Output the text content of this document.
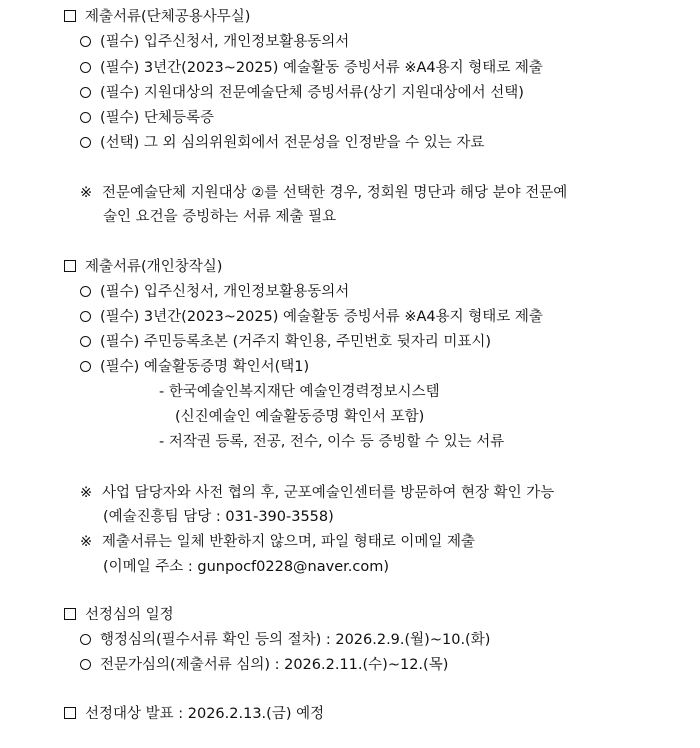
제출서류(단체공용사무실)
(필수) 입주신청서, 개인정보활용동의서
(필수) 3년간(2023~2025) 예술활동 증빙서류 ※A4용지 형태로 제출
(필수) 지원대상의 전문예술단체 증빙서류(상기 지원대상에서 선택)
(필수) 단체등록증
(선택) 그 외 심의위원회에서 전문성을 인정받을 수 있는 자료
※ 전문예술단체 지원대상 ②를 선택한 경우, 정회원 명단과 해당 분야 전문예
술인 요건을 증빙하는 서류 제출 필요
제출서류(개인창작실)
(필수) 입주신청서, 개인정보활용동의서
(필수) 3년간(2023~2025) 예술활동 증빙서류 ※A4용지 형태로 제출
(필수) 주민등록초본 (거주지 확인용, 주민번호 뒷자리 미표시)
(필수) 예술활동증명 확인서(택1)
- 한국예술인복지재단 예술인경력정보시스템
(신진예술인 예술활동증명 확인서 포함)
- 저작권 등록, 전공, 전수, 이수 등 증빙할 수 있는 서류
※ 사업 담당자와 사전 협의 후, 군포예술인센터를 방문하여 현장 확인 가능
(예술진흥팀 담당 : 031-390-3558)
※ 제출서류는 일체 반환하지 않으며, 파일 형태로 이메일 제출
(이메일 주소 : gunpocf0228@naver.com)
선정심의 일정
행정심의(필수서류 확인 등의 절차) : 2026.2.9.(월)~10.(화)
전문가심의(제출서류 심의) : 2026.2.11.(수)~12.(목)
선정대상 발표 : 2026.2.13.(금) 예정
